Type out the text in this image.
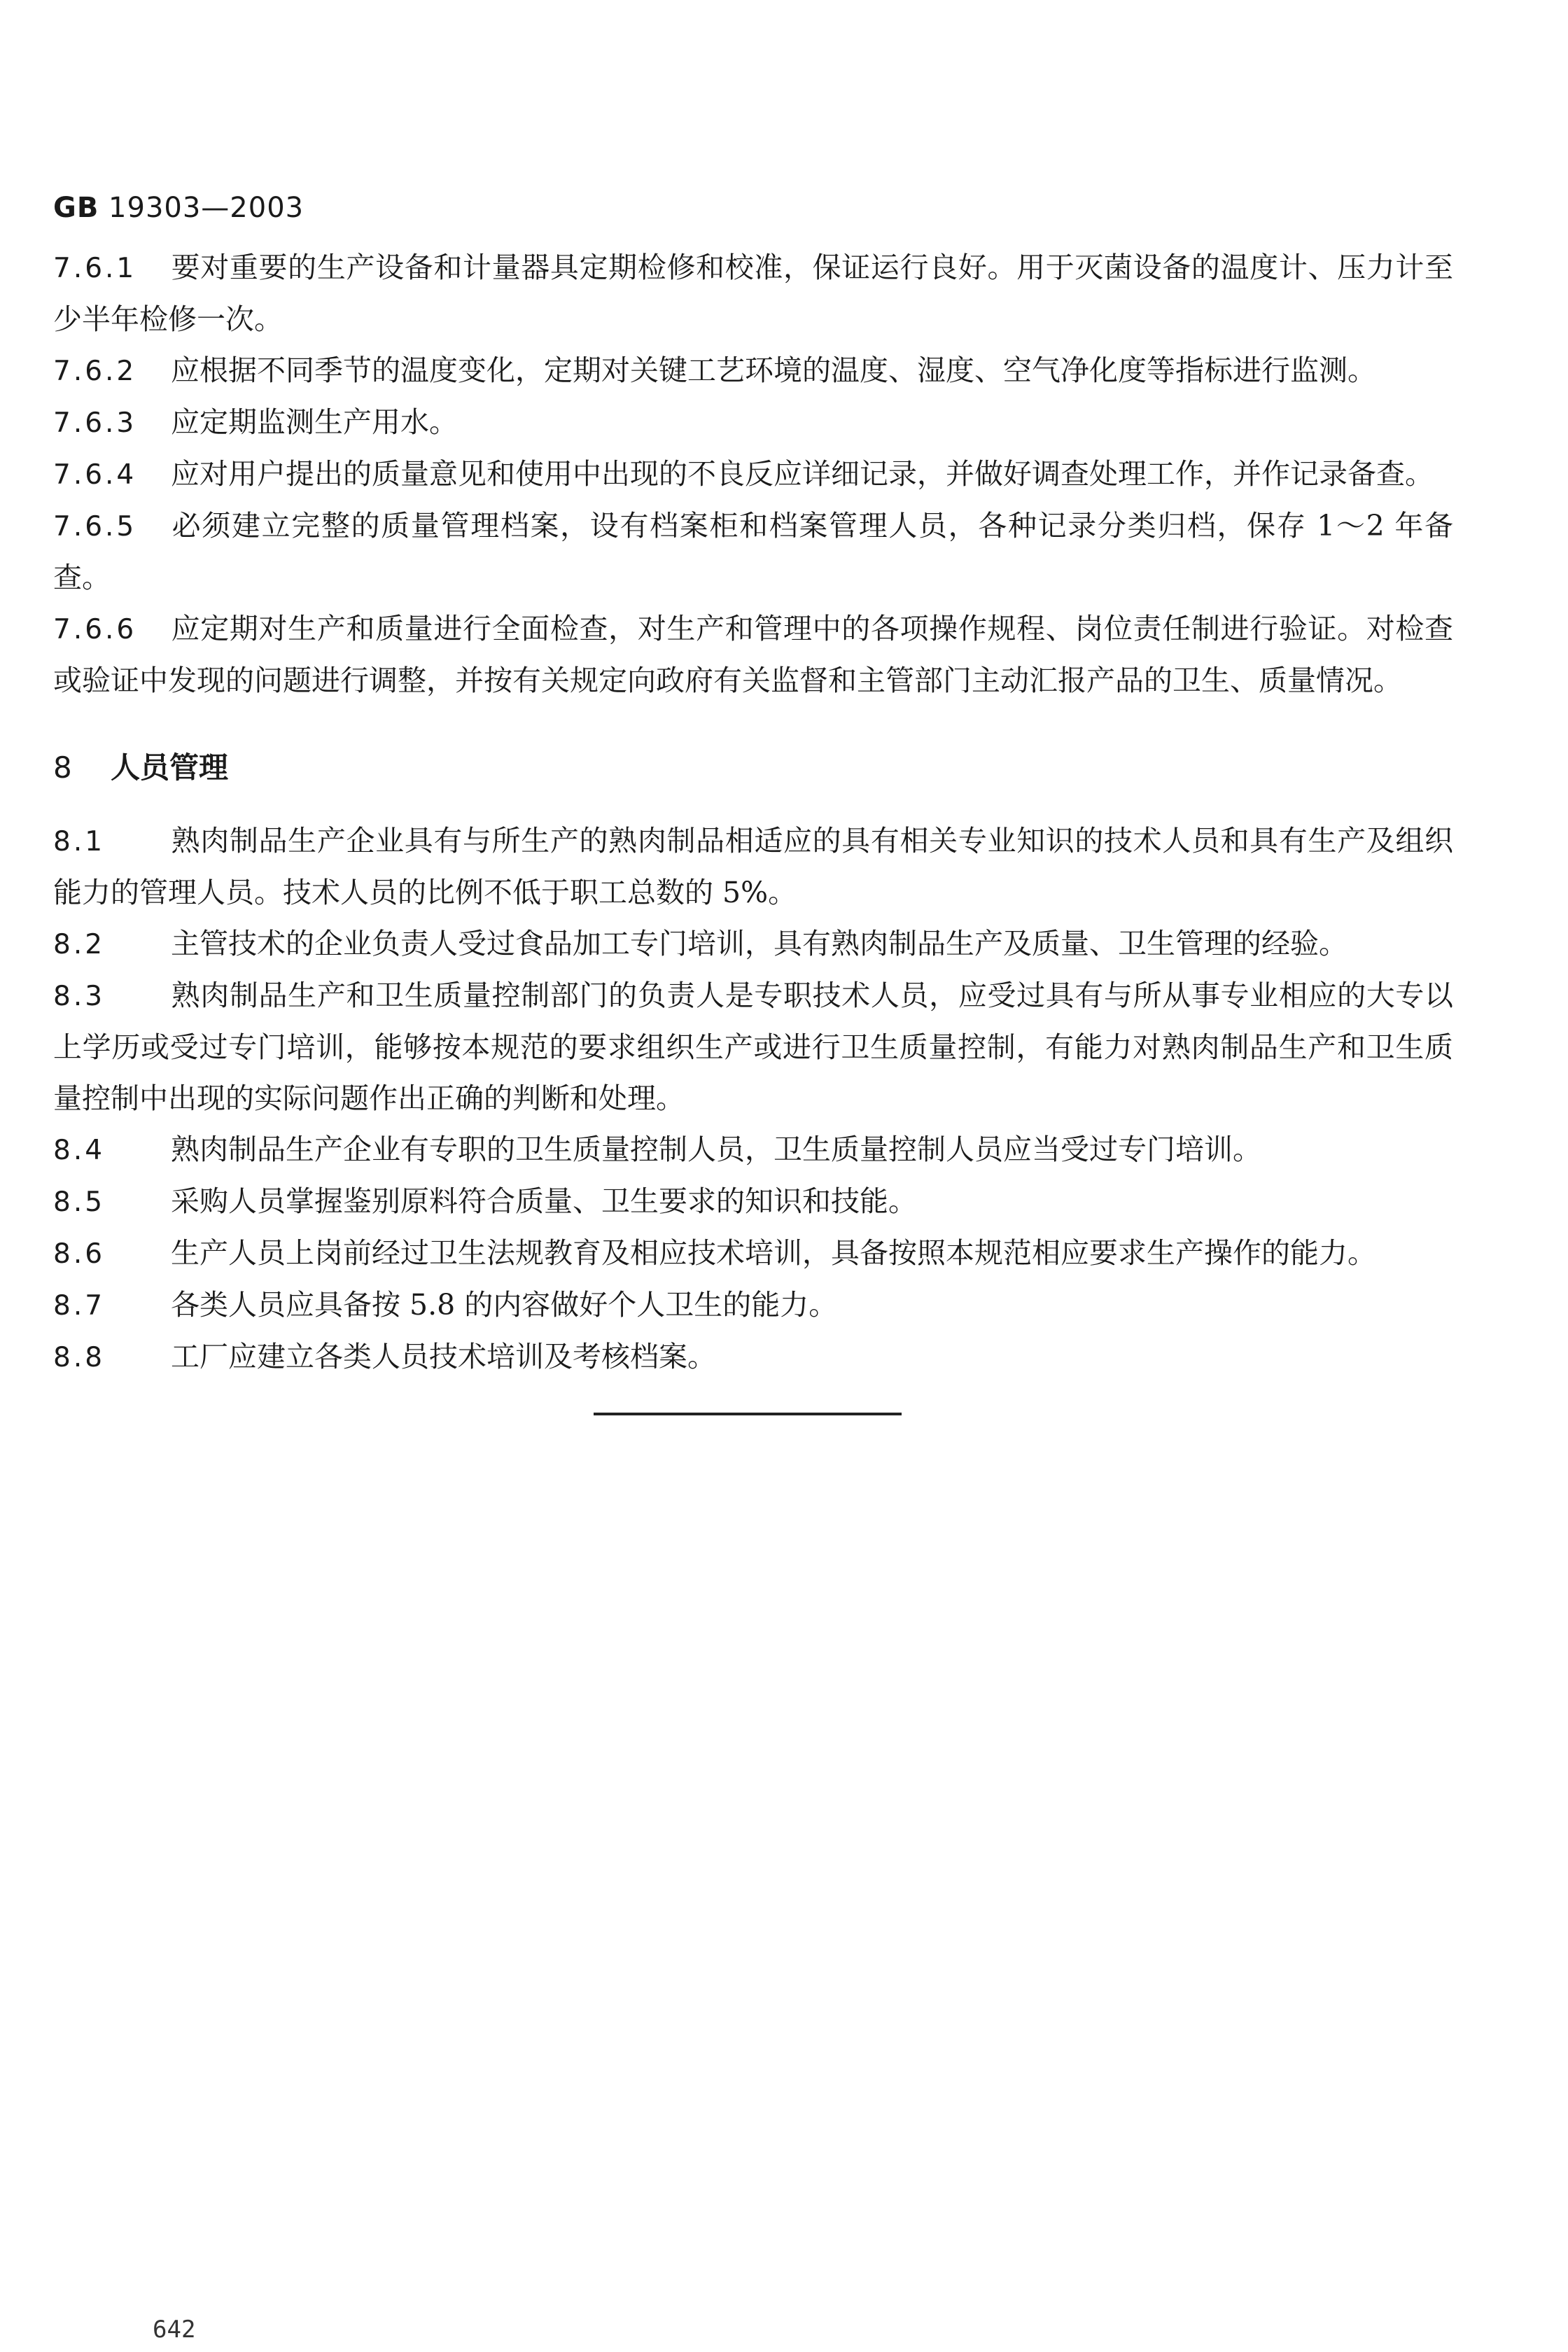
GB 19303—2003

7.6.1 要对重要的生产设备和计量器具定期检修和校准，保证运行良好。用于灭菌设备的温度计、压力计至少半年检修一次。

7.6.2 应根据不同季节的温度变化，定期对关键工艺环境的温度、湿度、空气净化度等指标进行监测。

7.6.3 应定期监测生产用水。

7.6.4 应对用户提出的质量意见和使用中出现的不良反应详细记录，并做好调查处理工作，并作记录备查。

7.6.5 必须建立完整的质量管理档案，设有档案柜和档案管理人员，各种记录分类归档，保存 1～2 年备查。

7.6.6 应定期对生产和质量进行全面检查，对生产和管理中的各项操作规程、岗位责任制进行验证。对检查或验证中发现的问题进行调整，并按有关规定向政府有关监督和主管部门主动汇报产品的卫生、质量情况。

8 人员管理

8.1 熟肉制品生产企业具有与所生产的熟肉制品相适应的具有相关专业知识的技术人员和具有生产及组织能力的管理人员。技术人员的比例不低于职工总数的 5%。

8.2 主管技术的企业负责人受过食品加工专门培训，具有熟肉制品生产及质量、卫生管理的经验。

8.3 熟肉制品生产和卫生质量控制部门的负责人是专职技术人员，应受过具有与所从事专业相应的大专以上学历或受过专门培训，能够按本规范的要求组织生产或进行卫生质量控制，有能力对熟肉制品生产和卫生质量控制中出现的实际问题作出正确的判断和处理。

8.4 熟肉制品生产企业有专职的卫生质量控制人员，卫生质量控制人员应当受过专门培训。

8.5 采购人员掌握鉴别原料符合质量、卫生要求的知识和技能。

8.6 生产人员上岗前经过卫生法规教育及相应技术培训，具备按照本规范相应要求生产操作的能力。

8.7 各类人员应具备按 5.8 的内容做好个人卫生的能力。

8.8 工厂应建立各类人员技术培训及考核档案。

642
